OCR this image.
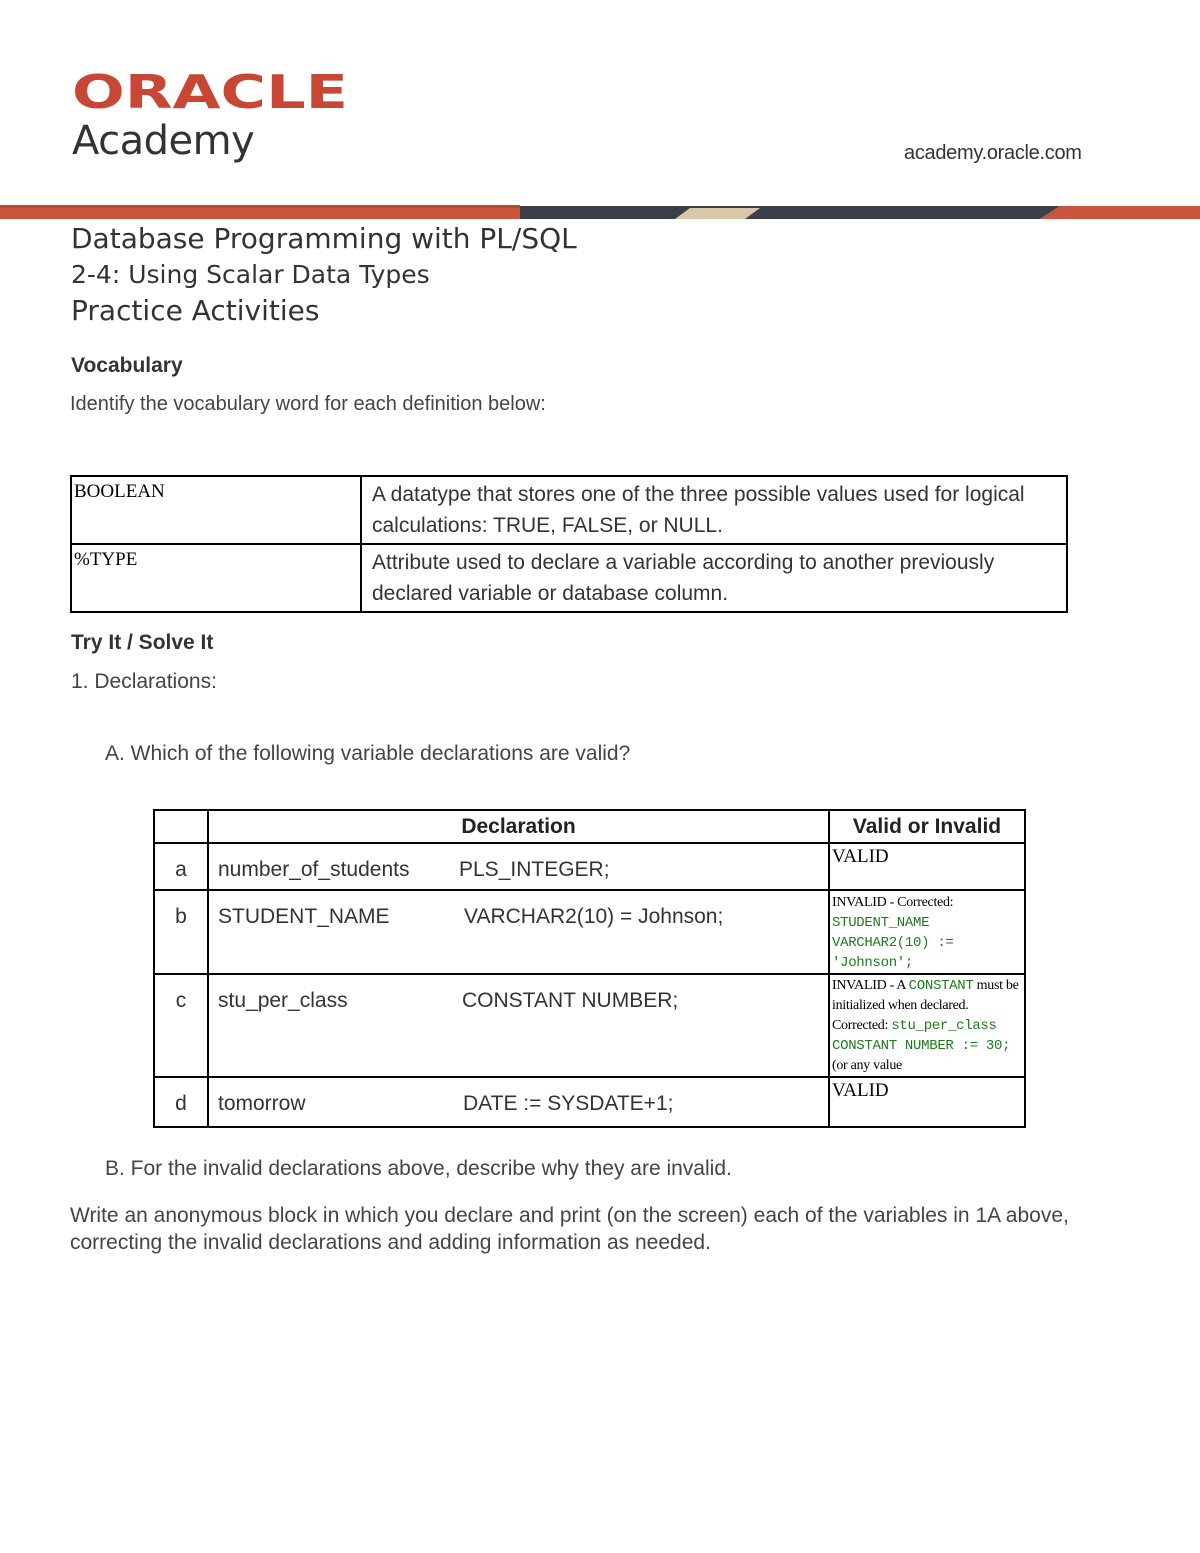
ORACLE
Academy	academy.oracle.com
Database Programming with PL/SQL
2-4: Using Scalar Data Types
Practice Activities
Vocabulary

Identify the vocabulary word for each definition below:

BOOLEAN	A datatype that stores one of the three possible values used for logical calculations: TRUE, FALSE, or NULL.
%TYPE	Attribute used to declare a variable according to another previously declared variable or database column.
Try It / Solve It

1. Declarations:

A. Which of the following variable declarations are valid?

	Declaration	Valid or Invalid
a	number_of_students PLS_INTEGER;	VALID

b	STUDENT_NAME VARCHAR2(10) = Johnson;	INVALID - Corrected: STUDENT_NAME VARCHAR2(10) := 'Johnson';

c	stu_per_class CONSTANT NUMBER;	INVALID - A CONSTANT must be initialized when declared. Corrected: stu_per_class CONSTANT NUMBER := 30; (or any value

d	tomorrow DATE := SYSDATE+1;	VALID

B. For the invalid declarations above, describe why they are invalid.

Write an anonymous block in which you declare and print (on the screen) each of the variables in 1A above, correcting the invalid declarations and adding information as needed.
